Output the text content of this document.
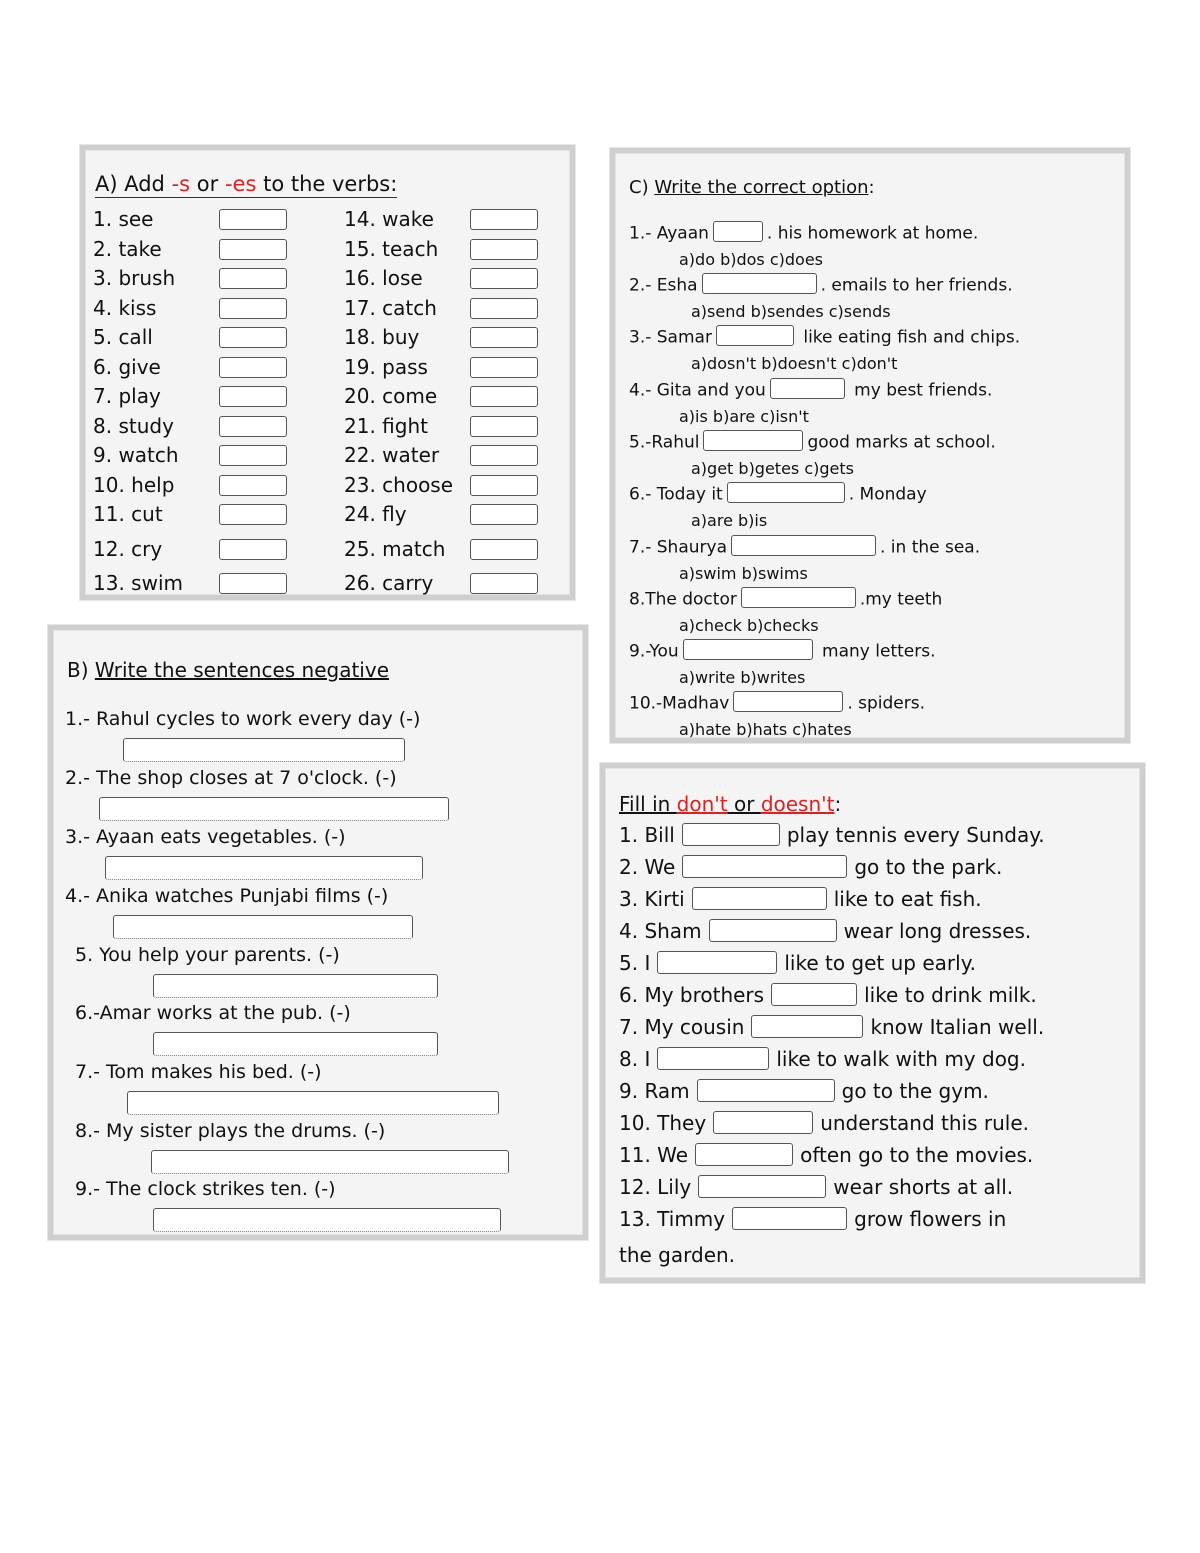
A) Add -s or -es to the verbs:
1. see
2. take
3. brush
4. kiss
5. call
6. give
7. play
8. study
9. watch
10. help
11. cut
12. cry
13. swim
14. wake
15. teach
16. lose
17. catch
18. buy
19. pass
20. come
21. fight
22. water
23. choose
24. fly
25. match
26. carry
B) Write the sentences negative
1.- Rahul cycles to work every day (-)
2.- The shop closes at 7 o'clock. (-)
3.- Ayaan eats vegetables. (-)
4.- Anika watches Punjabi films (-)
5. You help your parents. (-)
6.-Amar works at the pub. (-)
7.- Tom makes his bed. (-)
8.- My sister plays the drums. (-)
9.- The clock strikes ten. (-)
C) Write the correct option:
1.- Ayaan	. his homework at home.
a)do b)dos c)does
2.- Esha	. emails to her friends.
a)send b)sendes c)sends
3.- Samar	like eating fish and chips.
a)dosn't b)doesn't c)don't
4.- Gita and you	my best friends.
a)is b)are c)isn't
5.-Rahul	good marks at school.
a)get b)getes c)gets
6.- Today it	. Monday
a)are b)is
7.- Shaurya	. in the sea.
a)swim b)swims
8.The doctor	.my teeth
a)check b)checks
9.-You	many letters.
a)write b)writes
10.-Madhav	. spiders.
a)hate b)hats c)hates
Fill in don't or doesn't:
1. Bill	play tennis every Sunday.
2. We	go to the park.
3. Kirti	like to eat fish.
4. Sham	wear long dresses.
5. I	like to get up early.
6. My brothers	like to drink milk.
7. My cousin	know Italian well.
8. I	like to walk with my dog.
9. Ram	go to the gym.
10. They	understand this rule.
11. We	often go to the movies.
12. Lily	wear shorts at all.
13. Timmy	grow flowers in
the garden.
